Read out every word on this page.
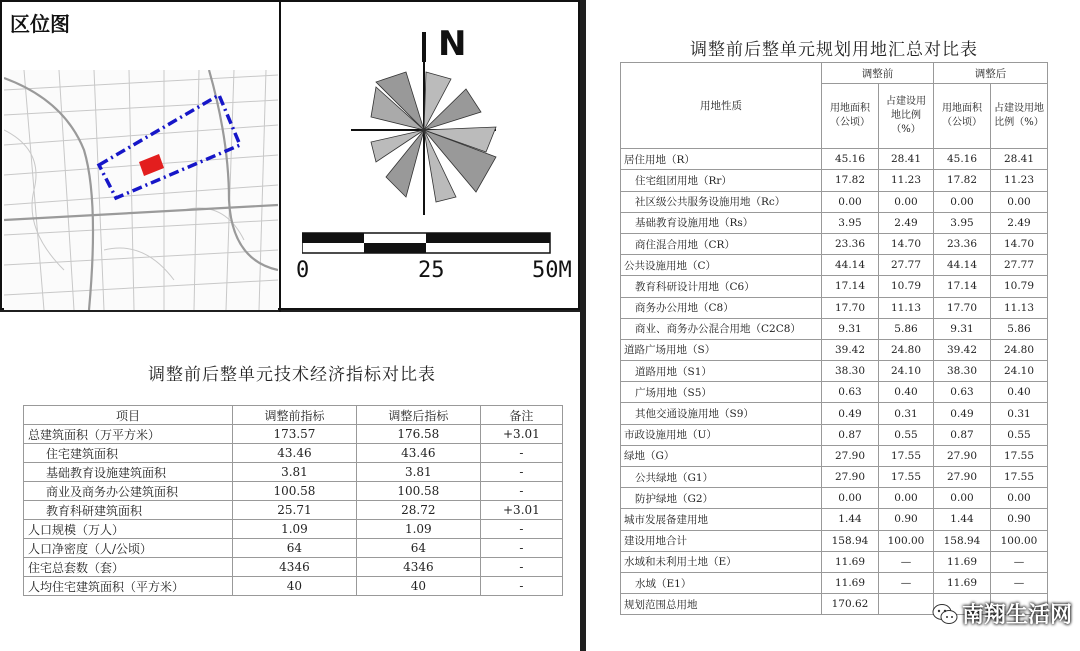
区位图	N
0	25	50M
调整前后整单元技术经济指标对比表
项目	调整前指标	调整后指标	备注
总建筑面积（万平方米）	173.57	176.58	+3.01
住宅建筑面积	43.46	43.46	-
基础教育设施建筑面积	3.81	3.81	-
商业及商务办公建筑面积	100.58	100.58	-
教育科研建筑面积	25.71	28.72	+3.01
人口规模（万人）	1.09	1.09	-
人口净密度（人/公顷）	64	64	-
住宅总套数（套）	4346	4346	-
人均住宅建筑面积（平方米）	40	40	-
调整前后整单元规划用地汇总对比表
用地性质	调整前		调整后	
	用地面积（公顷）	占建设用地比例（%）	用地面积（公顷）	占建设用地比例（%）
居住用地（R）	45.16	28.41	45.16	28.41
住宅组团用地（Rr）	17.82	11.23	17.82	11.23
社区级公共服务设施用地（Rc）	0.00	0.00	0.00	0.00
基础教育设施用地（Rs）	3.95	2.49	3.95	2.49
商住混合用地（CR）	23.36	14.70	23.36	14.70
公共设施用地（C）	44.14	27.77	44.14	27.77
教育科研设计用地（C6）	17.14	10.79	17.14	10.79
商务办公用地（C8）	17.70	11.13	17.70	11.13
商业、商务办公混合用地（C2C8）	9.31	5.86	9.31	5.86
道路广场用地（S）	39.42	24.80	39.42	24.80
道路用地（S1）	38.30	24.10	38.30	24.10
广场用地（S5）	0.63	0.40	0.63	0.40
其他交通设施用地（S9）	0.49	0.31	0.49	0.31
市政设施用地（U）	0.87	0.55	0.87	0.55
绿地（G）	27.90	17.55	27.90	17.55
公共绿地（G1）	27.90	17.55	27.90	17.55
防护绿地（G2）	0.00	0.00	0.00	0.00
城市发展备建用地	1.44	0.90	1.44	0.90
建设用地合计	158.94	100.00	158.94	100.00
水域和未利用土地（E）	11.69	—	11.69	—
水域（E1）	11.69	—	11.69	—
规划范围总用地	170.62				南翔生活网
